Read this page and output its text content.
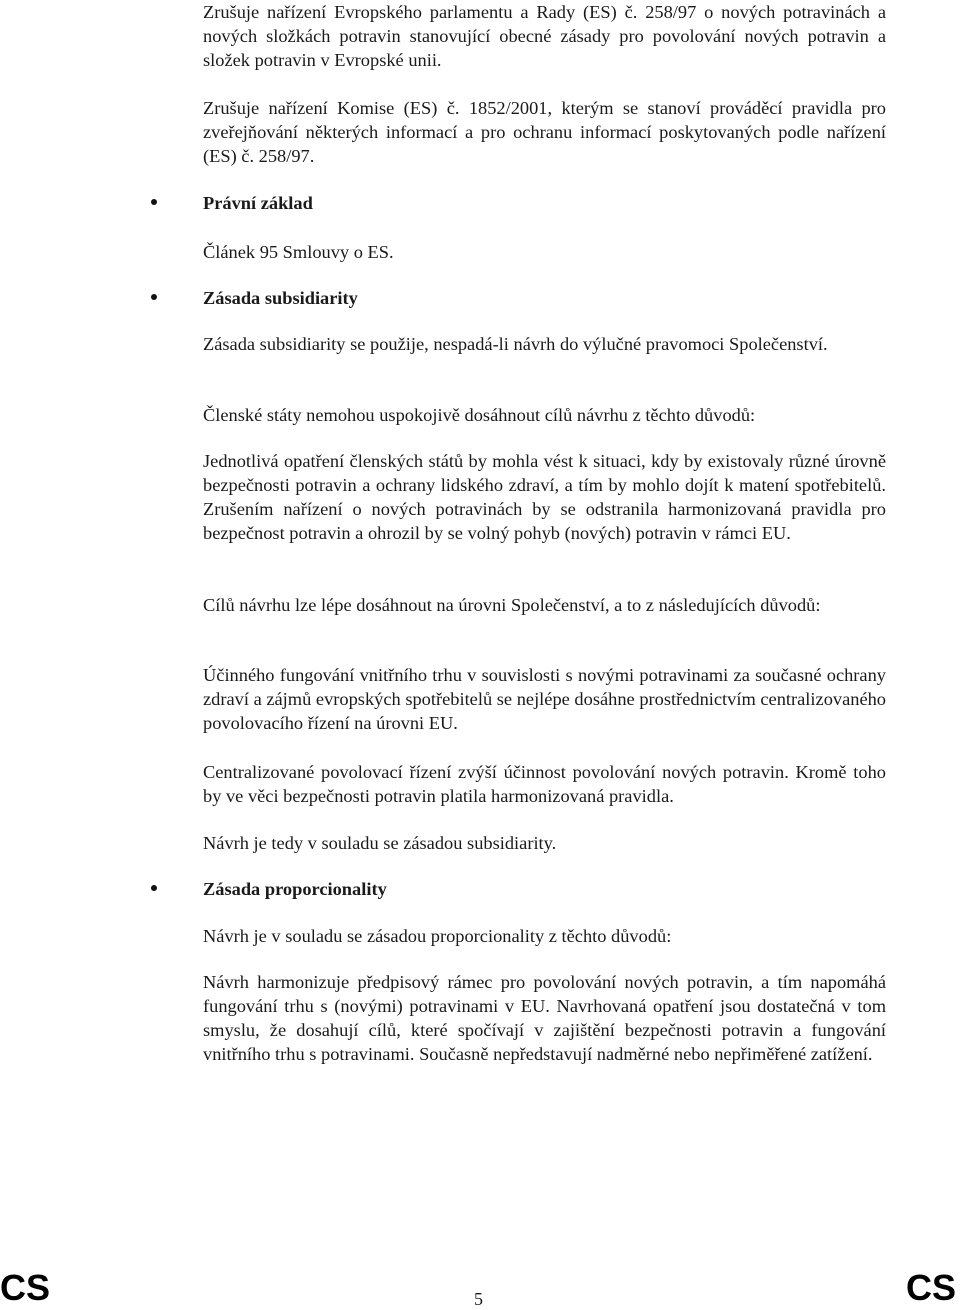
Zrušuje nařízení Evropského parlamentu a Rady (ES) č. 258/97 o nových potravinách a nových složkách potravin stanovující obecné zásady pro povolování nových potravin a složek potravin v Evropské unii.

Zrušuje nařízení Komise (ES) č. 1852/2001, kterým se stanoví prováděcí pravidla pro zveřejňování některých informací a pro ochranu informací poskytovaných podle nařízení (ES) č. 258/97.

Právní základ

Článek 95 Smlouvy o ES.

Zásada subsidiarity

Zásada subsidiarity se použije, nespadá-li návrh do výlučné pravomoci Společenství.

Členské státy nemohou uspokojivě dosáhnout cílů návrhu z těchto důvodů:

Jednotlivá opatření členských států by mohla vést k situaci, kdy by existovaly různé úrovně bezpečnosti potravin a ochrany lidského zdraví, a tím by mohlo dojít k matení spotřebitelů. Zrušením nařízení o nových potravinách by se odstranila harmonizovaná pravidla pro bezpečnost potravin a ohrozil by se volný pohyb (nových) potravin v rámci EU.

Cílů návrhu lze lépe dosáhnout na úrovni Společenství, a to z následujících důvodů:

Účinného fungování vnitřního trhu v souvislosti s novými potravinami za současné ochrany zdraví a zájmů evropských spotřebitelů se nejlépe dosáhne prostřednictvím centralizovaného povolovacího řízení na úrovni EU.

Centralizované povolovací řízení zvýší účinnost povolování nových potravin. Kromě toho by ve věci bezpečnosti potravin platila harmonizovaná pravidla.

Návrh je tedy v souladu se zásadou subsidiarity.

Zásada proporcionality

Návrh je v souladu se zásadou proporcionality z těchto důvodů:

Návrh harmonizuje předpisový rámec pro povolování nových potravin, a tím napomáhá fungování trhu s (novými) potravinami v EU. Navrhovaná opatření jsou dostatečná v tom smyslu, že dosahují cílů, které spočívají v zajištění bezpečnosti potravin a fungování vnitřního trhu s potravinami. Současně nepředstavují nadměrné nebo nepřiměřené zatížení.

CS	5	CS
